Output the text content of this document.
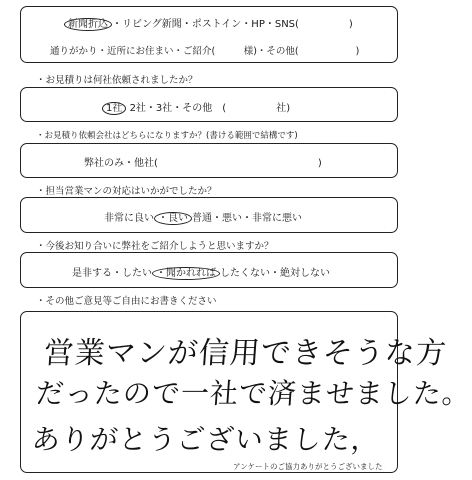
新聞折込 ・リビング新聞・ポストイン・HP・SNS(　　　　　)
通りがかり・近所にお住まい・ご紹介(　　　様)・その他(　　　　　　)
・お見積りは何社依頼されましたか？
1社 2社・3社・その他　(　　　　　社)
・お見積り依頼会社はどちらになりますか？(書ける範囲で結構です)
弊社のみ・他社(　　　　　　　　　　　　　　　　)
・担当営業マンの対応はいかがでしたか？
非常に良い ・良い 普通・悪い・非常に悪い
・今後お知り合いに弊社をご紹介しようと思いますか？
是非する・したい ・聞かれれば したくない・絶対しない
・その他ご意見等ご自由にお書きください
営業マンが信用できそうな方
だったので一社で済ませました。
ありがとうございました，
アンケートのご協力ありがとうございました
